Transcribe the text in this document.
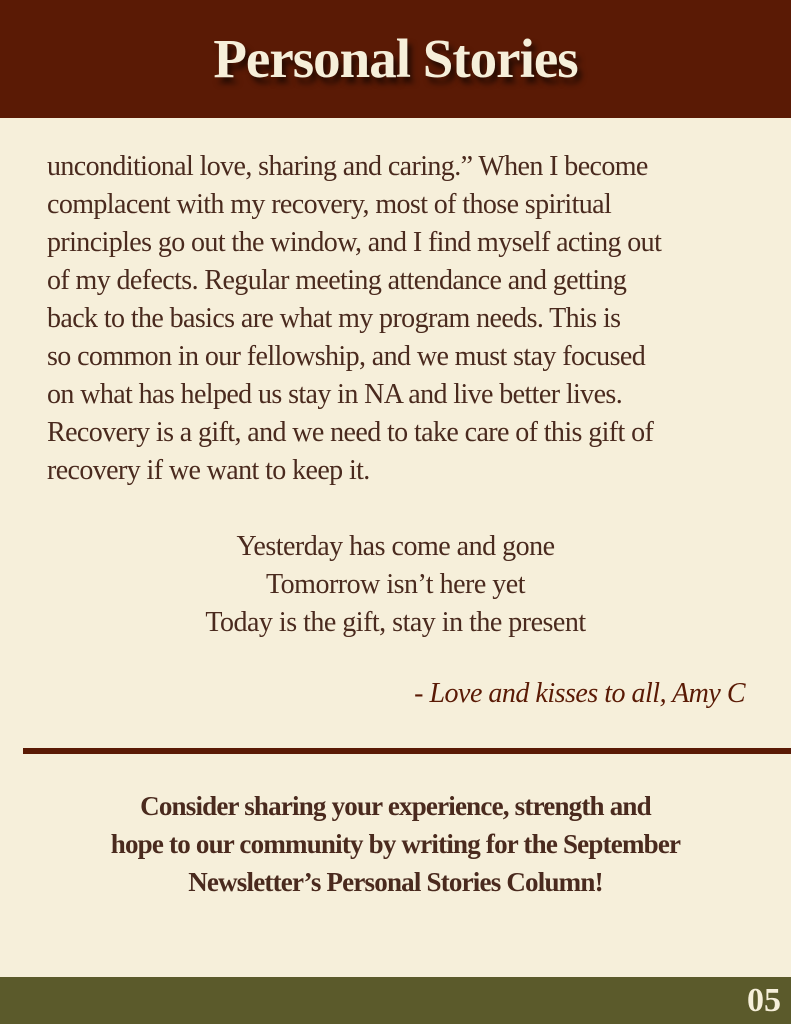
Personal Stories
unconditional love, sharing and caring.” When I become
complacent with my recovery, most of those spiritual
principles go out the window, and I find myself acting out
of my defects. Regular meeting attendance and getting
back to the basics are what my program needs. This is
so common in our fellowship, and we must stay focused
on what has helped us stay in NA and live better lives.
Recovery is a gift, and we need to take care of this gift of
recovery if we want to keep it.
Yesterday has come and gone
Tomorrow isn’t here yet
Today is the gift, stay in the present
- Love and kisses to all, Amy C
Consider sharing your experience, strength and
hope to our community by writing for the September
Newsletter’s Personal Stories Column!
05
